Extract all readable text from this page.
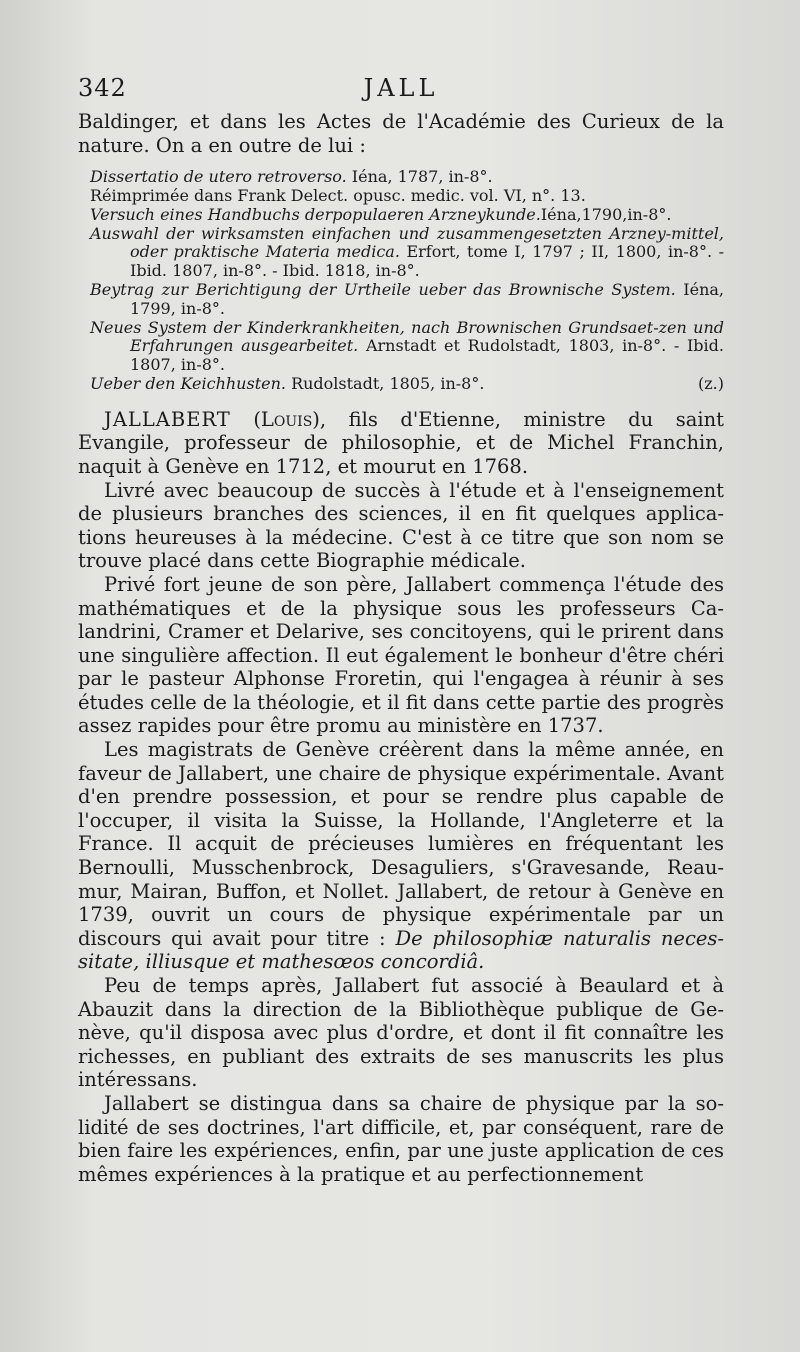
342	JALL

Baldinger, et dans les Actes de l'Académie des Curieux de la nature. On a en outre de lui :

Dissertatio de utero retroverso. Iéna, 1787, in-8°.

Réimprimée dans Frank Delect. opusc. medic. vol. VI, n°. 13.

Versuch eines Handbuchs derpopulaeren Arzneykunde.Iéna,1790,in-8°.

Auswahl der wirksamsten einfachen und zusammengesetzten Arzney-mittel, oder praktische Materia medica. Erfort, tome I, 1797 ; II, 1800, in-8°. - Ibid. 1807, in-8°. - Ibid. 1818, in-8°.

Beytrag zur Berichtigung der Urtheile ueber das Brownische System. Iéna, 1799, in-8°.

Neues System der Kinderkrankheiten, nach Brownischen Grundsaet-zen und Erfahrungen ausgearbeitet. Arnstadt et Rudolstadt, 1803, in-8°. - Ibid. 1807, in-8°.

Ueber den Keichhusten. Rudolstadt, 1805, in-8°.	(z.)

JALLABERT (Louis), fils d'Etienne, ministre du saint Evangile, professeur de philosophie, et de Michel Franchin, naquit à Genève en 1712, et mourut en 1768.

Livré avec beaucoup de succès à l'étude et à l'enseignement de plusieurs branches des sciences, il en fit quelques applica-tions heureuses à la médecine. C'est à ce titre que son nom se trouve placé dans cette Biographie médicale.

Privé fort jeune de son père, Jallabert commença l'étude des mathématiques et de la physique sous les professeurs Ca-landrini, Cramer et Delarive, ses concitoyens, qui le prirent dans une singulière affection. Il eut également le bonheur d'être chéri par le pasteur Alphonse Froretin, qui l'engagea à réunir à ses études celle de la théologie, et il fit dans cette partie des progrès assez rapides pour être promu au ministère en 1737.

Les magistrats de Genève créèrent dans la même année, en faveur de Jallabert, une chaire de physique expérimentale. Avant d'en prendre possession, et pour se rendre plus capable de l'occuper, il visita la Suisse, la Hollande, l'Angleterre et la France. Il acquit de précieuses lumières en fréquentant les Bernoulli, Musschenbrock, Desaguliers, s'Gravesande, Reau-mur, Mairan, Buffon, et Nollet. Jallabert, de retour à Genève en 1739, ouvrit un cours de physique expérimentale par un discours qui avait pour titre : De philosophiæ naturalis neces-sitate, illiusque et mathesœos concordiâ.

Peu de temps après, Jallabert fut associé à Beaulard et à Abauzit dans la direction de la Bibliothèque publique de Ge-nève, qu'il disposa avec plus d'ordre, et dont il fit connaître les richesses, en publiant des extraits de ses manuscrits les plus intéressans.

Jallabert se distingua dans sa chaire de physique par la so-lidité de ses doctrines, l'art difficile, et, par conséquent, rare de bien faire les expériences, enfin, par une juste application de ces mêmes expériences à la pratique et au perfectionnement
